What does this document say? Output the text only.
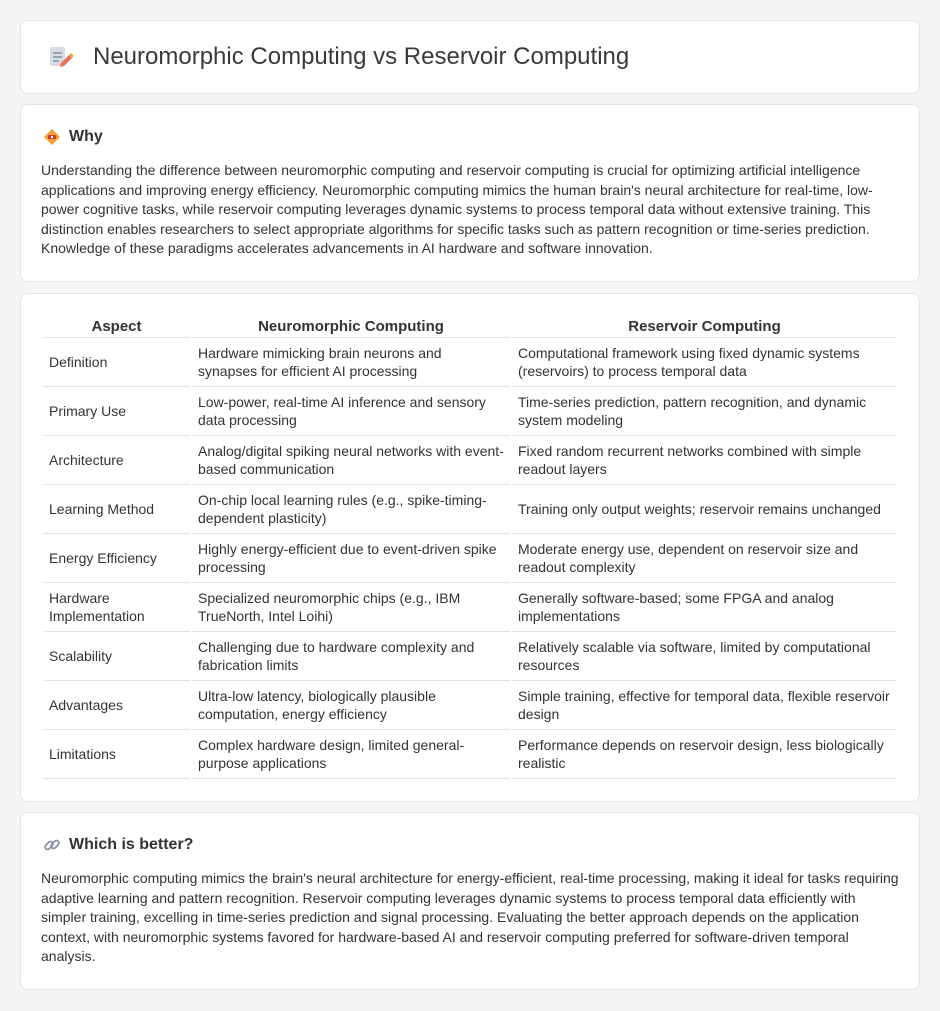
Neuromorphic Computing vs Reservoir Computing
Why

Understanding the difference between neuromorphic computing and reservoir computing is crucial for optimizing artificial intelligence applications and improving energy efficiency. Neuromorphic computing mimics the human brain's neural architecture for real-time, low-power cognitive tasks, while reservoir computing leverages dynamic systems to process temporal data without extensive training. This distinction enables researchers to select appropriate algorithms for specific tasks such as pattern recognition or time-series prediction. Knowledge of these paradigms accelerates advancements in AI hardware and software innovation.

Aspect	Neuromorphic Computing	Reservoir Computing
Definition	Hardware mimicking brain neurons and synapses for efficient AI processing	Computational framework using fixed dynamic systems (reservoirs) to process temporal data
Primary Use	Low-power, real-time AI inference and sensory data processing	Time-series prediction, pattern recognition, and dynamic system modeling
Architecture	Analog/digital spiking neural networks with event-based communication	Fixed random recurrent networks combined with simple readout layers
Learning Method	On-chip local learning rules (e.g., spike-timing-dependent plasticity)	Training only output weights; reservoir remains unchanged
Energy Efficiency	Highly energy-efficient due to event-driven spike processing	Moderate energy use, dependent on reservoir size and readout complexity
Hardware Implementation	Specialized neuromorphic chips (e.g., IBM TrueNorth, Intel Loihi)	Generally software-based; some FPGA and analog implementations
Scalability	Challenging due to hardware complexity and fabrication limits	Relatively scalable via software, limited by computational resources
Advantages	Ultra-low latency, biologically plausible computation, energy efficiency	Simple training, effective for temporal data, flexible reservoir design
Limitations	Complex hardware design, limited general-purpose applications	Performance depends on reservoir design, less biologically realistic
Which is better?

Neuromorphic computing mimics the brain's neural architecture for energy-efficient, real-time processing, making it ideal for tasks requiring adaptive learning and pattern recognition. Reservoir computing leverages dynamic systems to process temporal data efficiently with simpler training, excelling in time-series prediction and signal processing. Evaluating the better approach depends on the application context, with neuromorphic systems favored for hardware-based AI and reservoir computing preferred for software-driven temporal analysis.
